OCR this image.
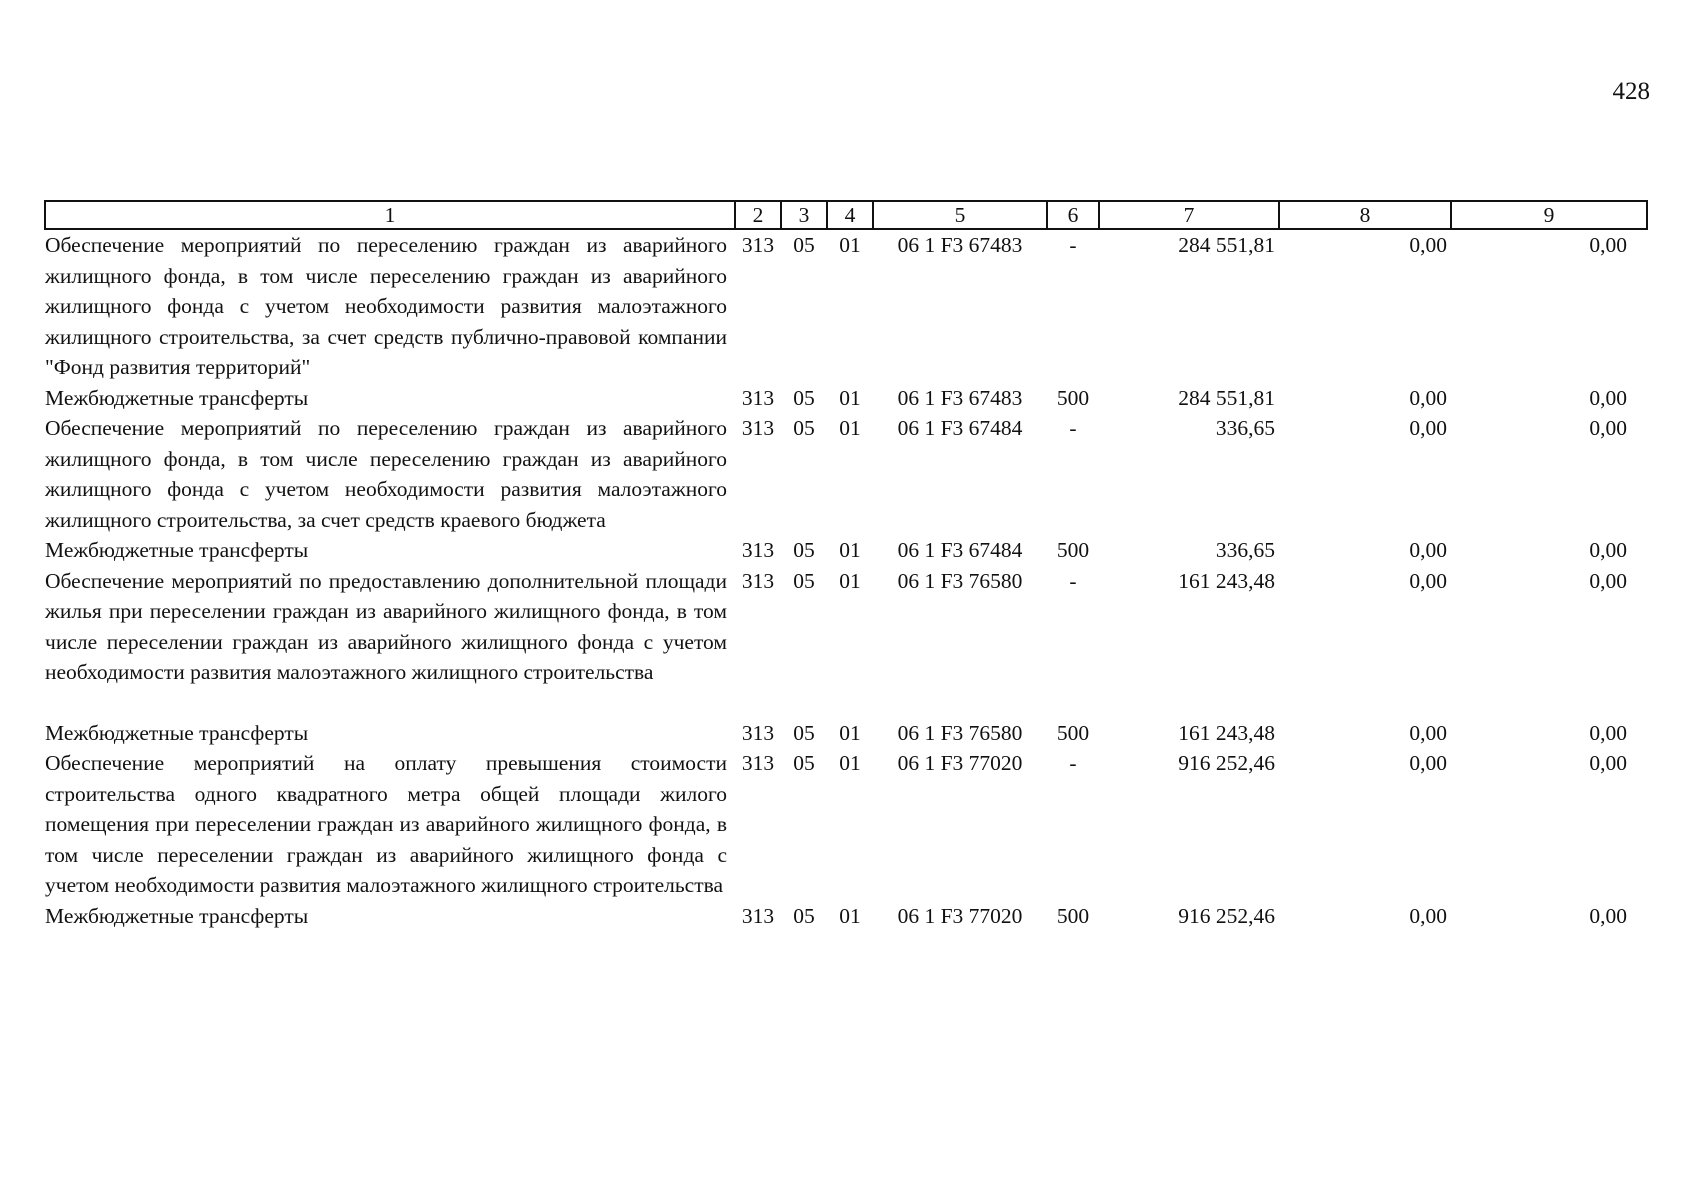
428
1	2	3	4	5	6	7	8	9
Обеспечение мероприятий по переселению граждан из аварийного жилищного фонда, в том числе переселению граждан из аварийного жилищного фонда с учетом необходимости развития малоэтажного жилищного строительства, за счет средств публично-правовой компании "Фонд развития территорий"	313	05	01	06 1 F3 67483	-	284 551,81	0,00	0,00
Межбюджетные трансферты	313	05	01	06 1 F3 67483	500	284 551,81	0,00	0,00
Обеспечение мероприятий по переселению граждан из аварийного жилищного фонда, в том числе переселению граждан из аварийного жилищного фонда с учетом необходимости развития малоэтажного жилищного строительства, за счет средств краевого бюджета	313	05	01	06 1 F3 67484	-	336,65	0,00	0,00
Межбюджетные трансферты	313	05	01	06 1 F3 67484	500	336,65	0,00	0,00
Обеспечение мероприятий по предоставлению дополнительной площади жилья при переселении граждан из аварийного жилищного фонда, в том числе переселении граждан из аварийного жилищного фонда с учетом необходимости развития малоэтажного жилищного строительства	313	05	01	06 1 F3 76580	-	161 243,48	0,00	0,00

Межбюджетные трансферты	313	05	01	06 1 F3 76580	500	161 243,48	0,00	0,00
Обеспечение мероприятий на оплату превышения стоимости строительства одного квадратного метра общей площади жилого помещения при переселении граждан из аварийного жилищного фонда, в том числе переселении граждан из аварийного жилищного фонда с учетом необходимости развития малоэтажного жилищного строительства	313	05	01	06 1 F3 77020	-	916 252,46	0,00	0,00
Межбюджетные трансферты	313	05	01	06 1 F3 77020	500	916 252,46	0,00	0,00
